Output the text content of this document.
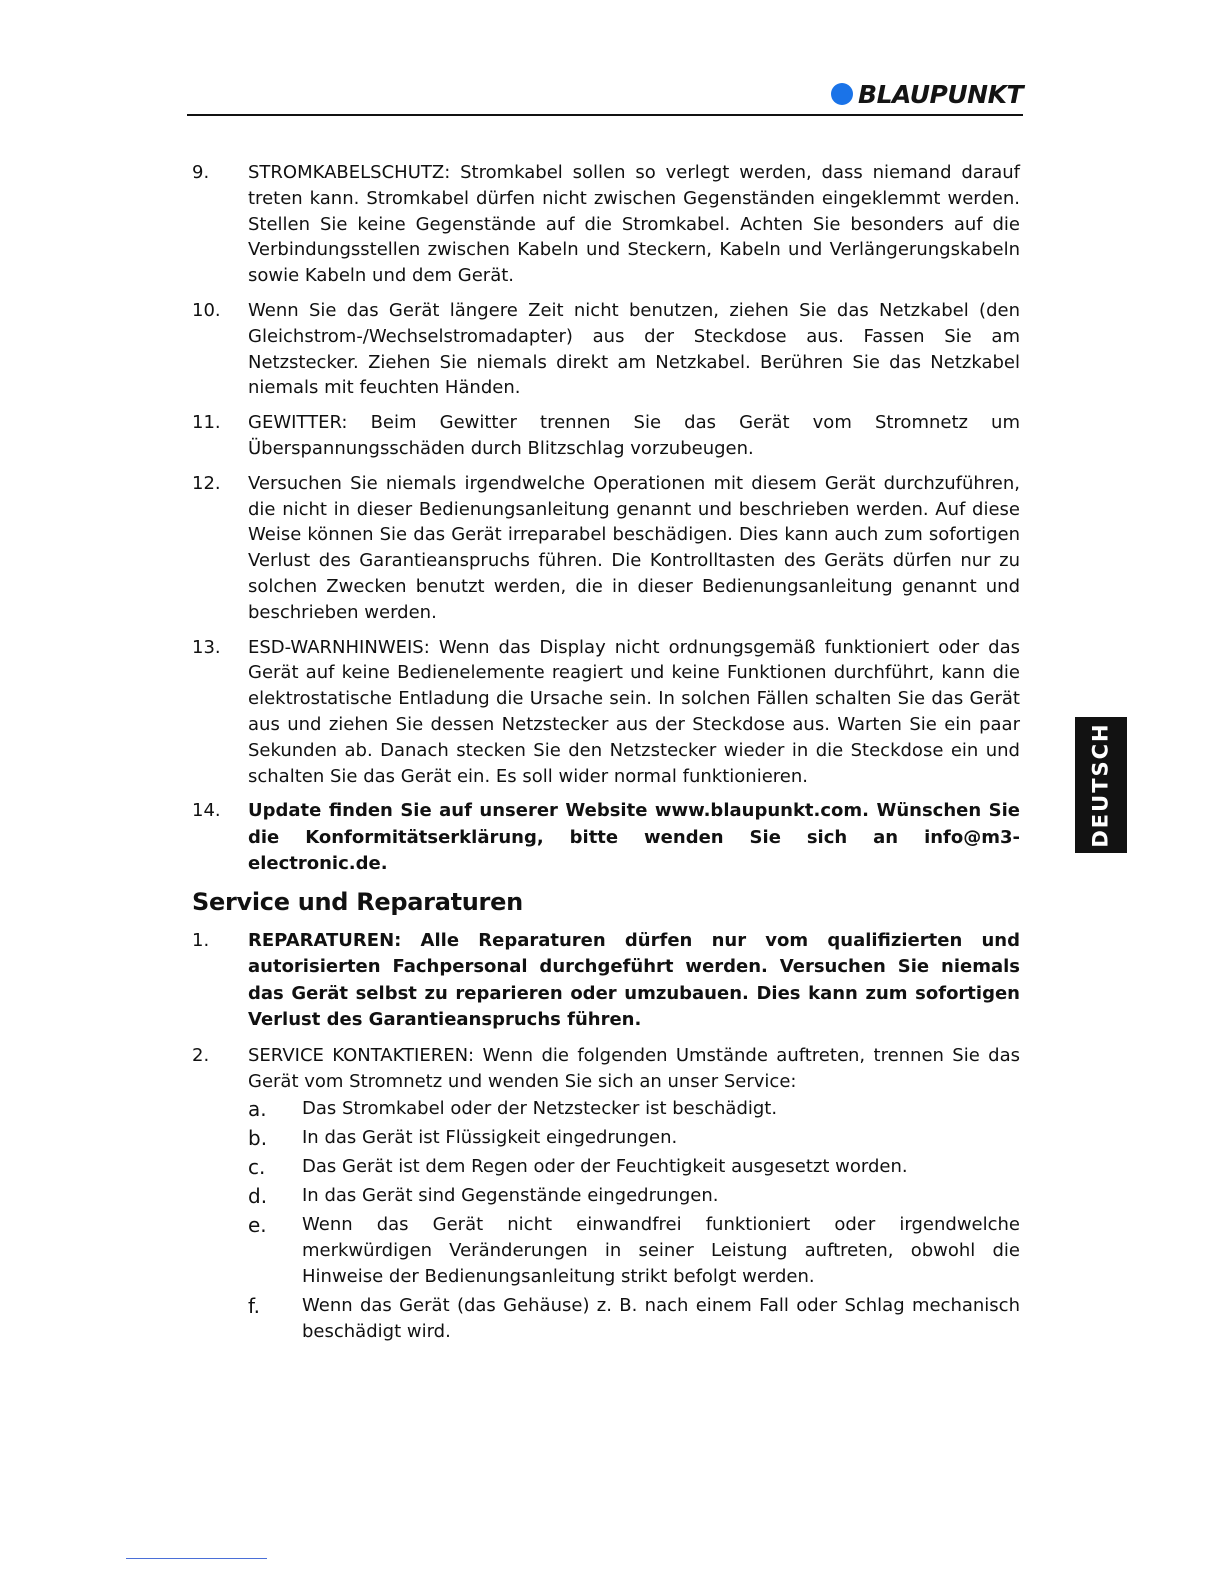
BLAUPUNKT
DEUTSCH
9.	STROMKABELSCHUTZ: Stromkabel sollen so verlegt werden, dass niemand darauf treten kann. Stromkabel dürfen nicht zwischen Gegenständen eingeklemmt werden. Stellen Sie keine Gegenstände auf die Stromkabel. Achten Sie besonders auf die Verbindungsstellen zwischen Kabeln und Steckern, Kabeln und Verlängerungskabeln sowie Kabeln und dem Gerät.
10.	Wenn Sie das Gerät längere Zeit nicht benutzen, ziehen Sie das Netzkabel (den Gleichstrom-/Wechselstromadapter) aus der Steckdose aus. Fassen Sie am Netzstecker. Ziehen Sie niemals direkt am Netzkabel. Berühren Sie das Netzkabel niemals mit feuchten Händen.
11.	GEWITTER: Beim Gewitter trennen Sie das Gerät vom Stromnetz um Überspannungsschäden durch Blitzschlag vorzubeugen.
12.	Versuchen Sie niemals irgendwelche Operationen mit diesem Gerät durchzuführen, die nicht in dieser Bedienungsanleitung genannt und beschrieben werden. Auf diese Weise können Sie das Gerät irreparabel beschädigen. Dies kann auch zum sofortigen Verlust des Garantieanspruchs führen. Die Kontrolltasten des Geräts dürfen nur zu solchen Zwecken benutzt werden, die in dieser Bedienungsanleitung genannt und beschrieben werden.
13.	ESD-WARNHINWEIS: Wenn das Display nicht ordnungsgemäß funktioniert oder das Gerät auf keine Bedienelemente reagiert und keine Funktionen durchführt, kann die elektrostatische Entladung die Ursache sein. In solchen Fällen schalten Sie das Gerät aus und ziehen Sie dessen Netzstecker aus der Steckdose aus. Warten Sie ein paar Sekunden ab. Danach stecken Sie den Netzstecker wieder in die Steckdose ein und schalten Sie das Gerät ein. Es soll wider normal funktionieren.
14.	Update finden Sie auf unserer Website www.blaupunkt.com. Wünschen Sie die Konformitätserklärung, bitte wenden Sie sich an info@m3-electronic.de.
Service und Reparaturen
1.	REPARATUREN: Alle Reparaturen dürfen nur vom qualifizierten und autorisierten Fachpersonal durchgeführt werden. Versuchen Sie niemals das Gerät selbst zu reparieren oder umzubauen. Dies kann zum sofortigen Verlust des Garantieanspruchs führen.
2.	SERVICE KONTAKTIEREN: Wenn die folgenden Umstände auftreten, trennen Sie das Gerät vom Stromnetz und wenden Sie sich an unser Service:
a.	Das Stromkabel oder der Netzstecker ist beschädigt.
b.	In das Gerät ist Flüssigkeit eingedrungen.
c.	Das Gerät ist dem Regen oder der Feuchtigkeit ausgesetzt worden.
d.	In das Gerät sind Gegenstände eingedrungen.
e.	Wenn das Gerät nicht einwandfrei funktioniert oder irgendwelche merkwürdigen Veränderungen in seiner Leistung auftreten, obwohl die Hinweise der Bedienungsanleitung strikt befolgt werden.
f.	Wenn das Gerät (das Gehäuse) z. B. nach einem Fall oder Schlag mechanisch beschädigt wird.
